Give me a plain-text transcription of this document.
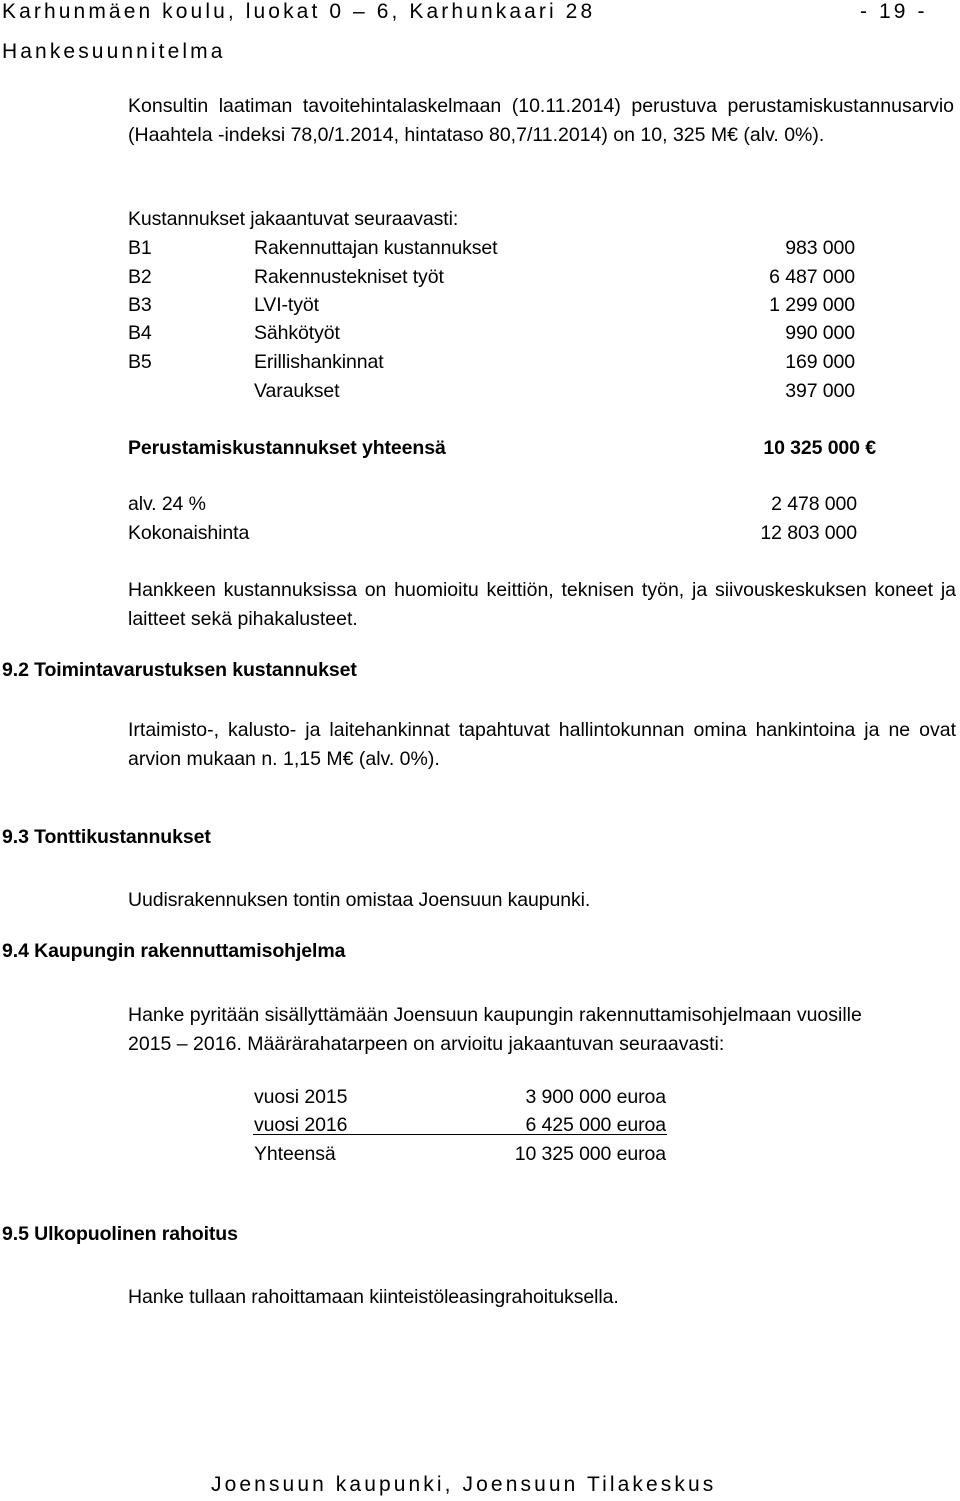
Karhunmäen koulu, luokat 0 – 6, Karhunkaari 28	- 19 -
Hankesuunnitelma
Konsultin laatiman tavoitehintalaskelmaan (10.11.2014) perustuva perustamiskustannusarvio (Haahtela -indeksi 78,0/1.2014, hintataso 80,7/11.2014) on 10, 325 M€ (alv. 0%).
Kustannukset jakaantuvat seuraavasti:
B1	Rakennuttajan kustannukset	983 000
B2	Rakennustekniset työt	6 487 000
B3	LVI-työt	1 299 000
B4	Sähkötyöt	990 000
B5	Erillishankinnat	169 000
Varaukset	397 000
Perustamiskustannukset yhteensä	10 325 000 €
alv. 24 %	2 478 000
Kokonaishinta	12 803 000
Hankkeen kustannuksissa on huomioitu keittiön, teknisen työn, ja siivouskeskuksen koneet ja laitteet sekä pihakalusteet.
9.2 Toimintavarustuksen kustannukset
Irtaimisto-, kalusto- ja laitehankinnat tapahtuvat hallintokunnan omina hankintoina ja ne ovat arvion mukaan n. 1,15 M€ (alv. 0%).
9.3 Tonttikustannukset
Uudisrakennuksen tontin omistaa Joensuun kaupunki.
9.4 Kaupungin rakennuttamisohjelma
Hanke pyritään sisällyttämään Joensuun kaupungin rakennuttamisohjelmaan vuosille 2015 – 2016. Määrärahatarpeen on arvioitu jakaantuvan seuraavasti:
vuosi 2015	3 900 000 euroa
vuosi 2016	6 425 000 euroa
Yhteensä	10 325 000 euroa
9.5 Ulkopuolinen rahoitus
Hanke tullaan rahoittamaan kiinteistöleasingrahoituksella.
Joensuun kaupunki, Joensuun Tilakeskus
